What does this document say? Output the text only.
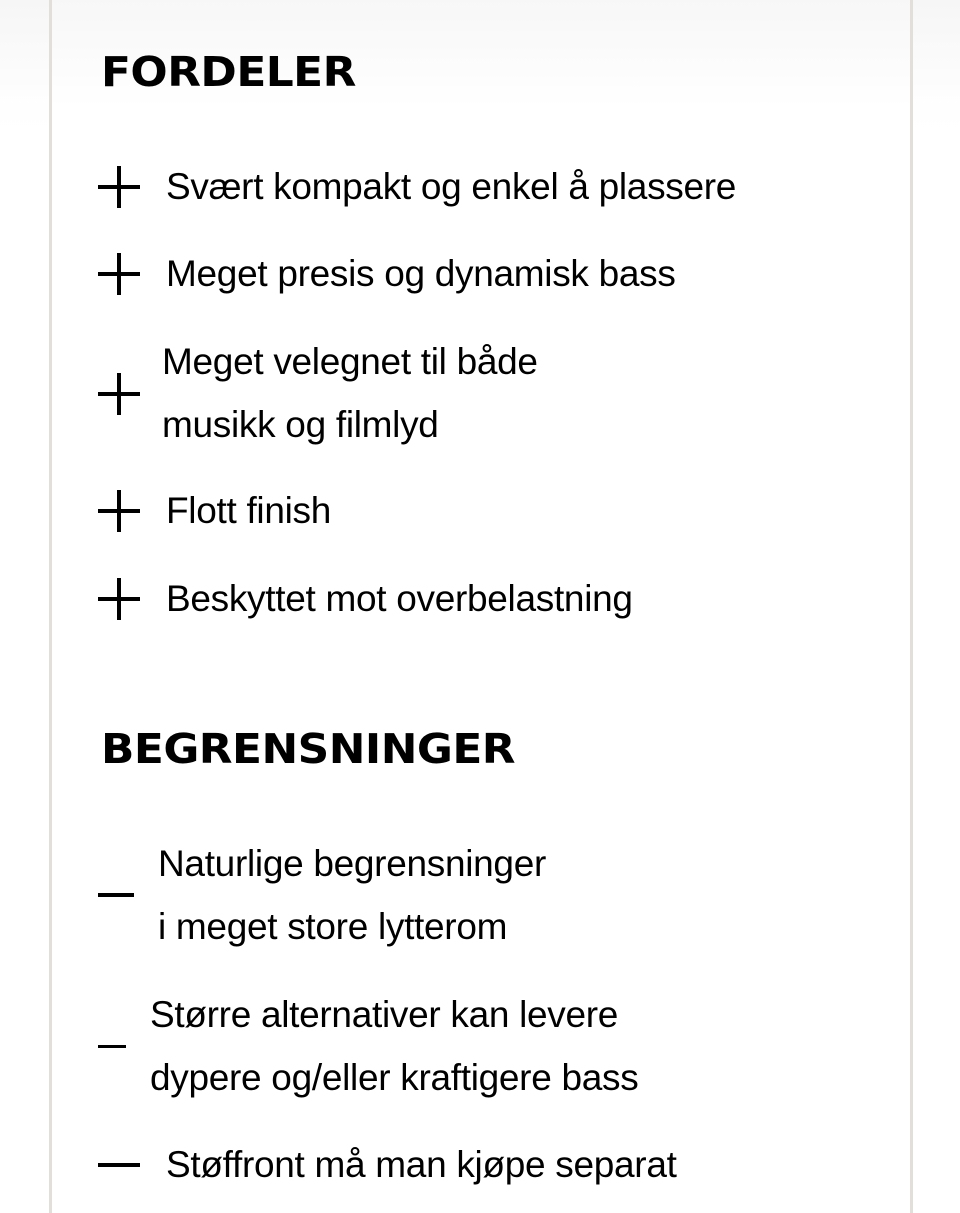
FORDELER
Svært kompakt og enkel å plassere
Meget presis og dynamisk bass
Meget velegnet til både
musikk og filmlyd
Flott finish
Beskyttet mot overbelastning
BEGRENSNINGER
Naturlige begrensninger
i meget store lytterom
Større alternativer kan levere
dypere og/eller kraftigere bass
Støffront må man kjøpe separat
